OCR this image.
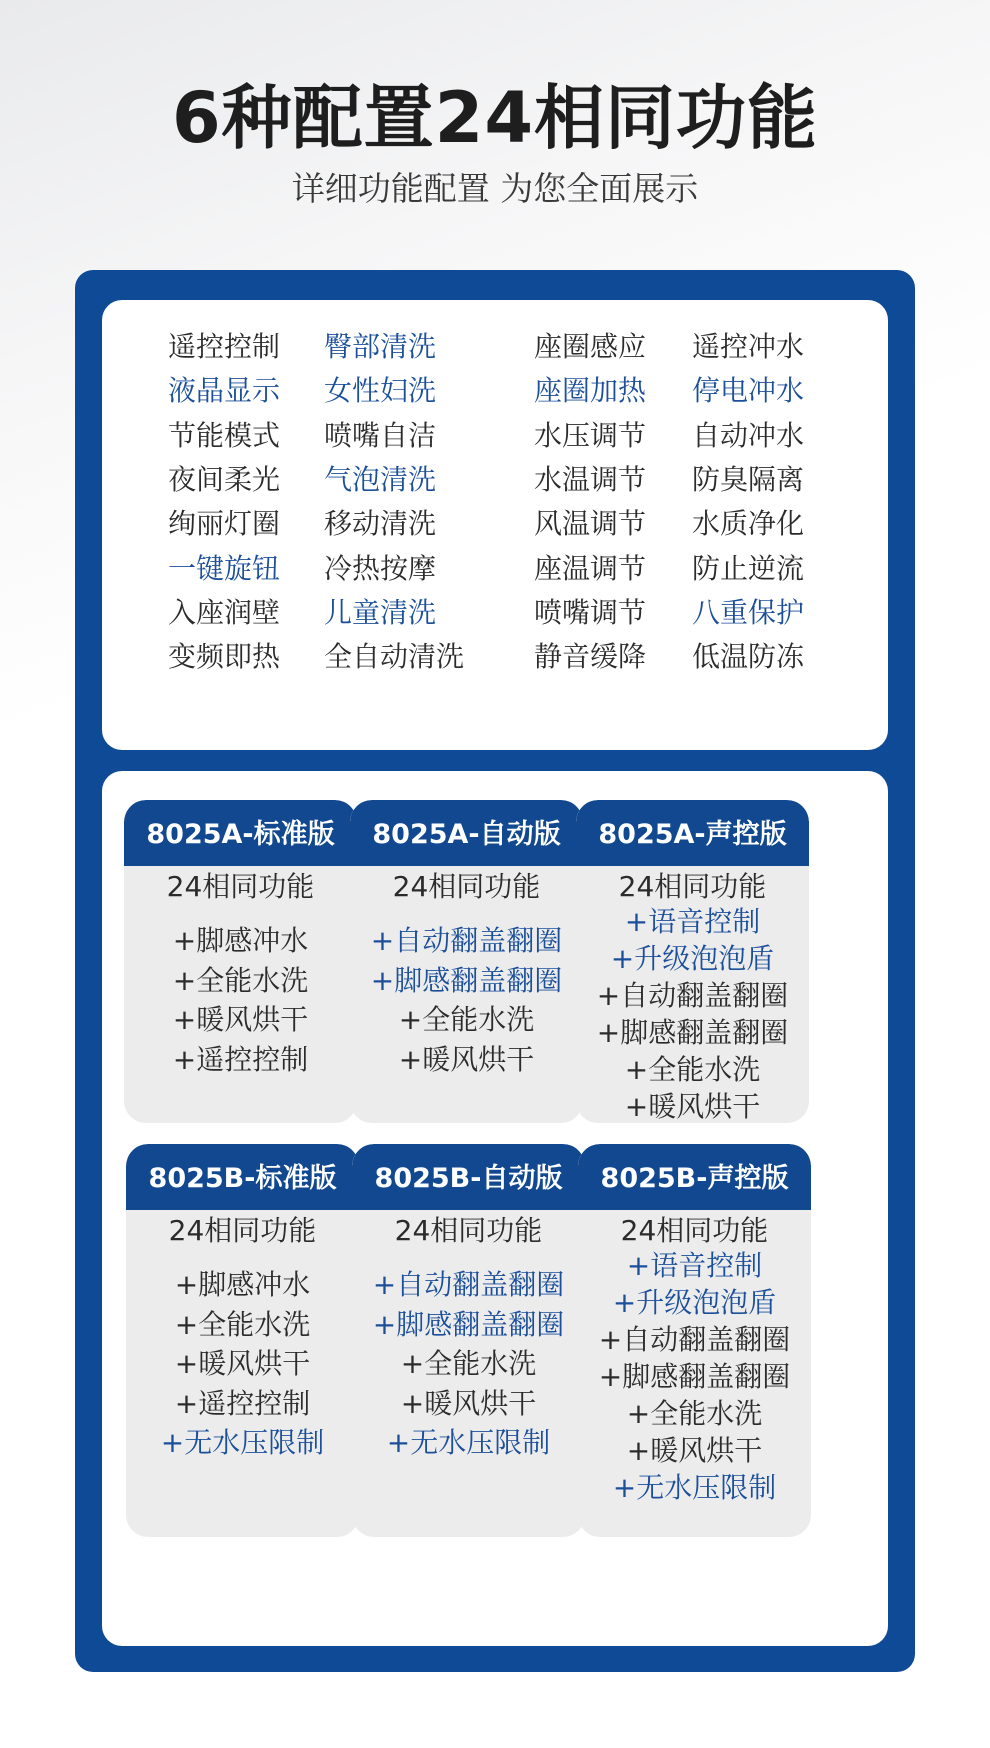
6种配置24相同功能

详细功能配置 为您全面展示

遥控控制 臀部清洗	座圈感应 遥控冲水
液晶显示 女性妇洗	座圈加热 停电冲水
节能模式 喷嘴自洁	水压调节 自动冲水
夜间柔光 气泡清洗	水温调节 防臭隔离
绚丽灯圈 移动清洗	风温调节 水质净化
一键旋钮 冷热按摩	座温调节 防止逆流
入座润壁 儿童清洗	喷嘴调节 八重保护
变频即热 全自动清洗 静音缓降 低温防冻
8025A-标准版
24相同功能
+脚感冲水
+全能水洗
+暖风烘干
+遥控控制
8025A-自动版
24相同功能
+自动翻盖翻圈
+脚感翻盖翻圈
+全能水洗
+暖风烘干
8025A-声控版
24相同功能
+语音控制
+升级泡泡盾
+自动翻盖翻圈
+脚感翻盖翻圈
+全能水洗
+暖风烘干
8025B-标准版
24相同功能
+脚感冲水
+全能水洗
+暖风烘干
+遥控控制
+无水压限制
8025B-自动版
24相同功能
+自动翻盖翻圈
+脚感翻盖翻圈
+全能水洗
+暖风烘干
+无水压限制
8025B-声控版
24相同功能
+语音控制
+升级泡泡盾
+自动翻盖翻圈
+脚感翻盖翻圈
+全能水洗
+暖风烘干
+无水压限制
